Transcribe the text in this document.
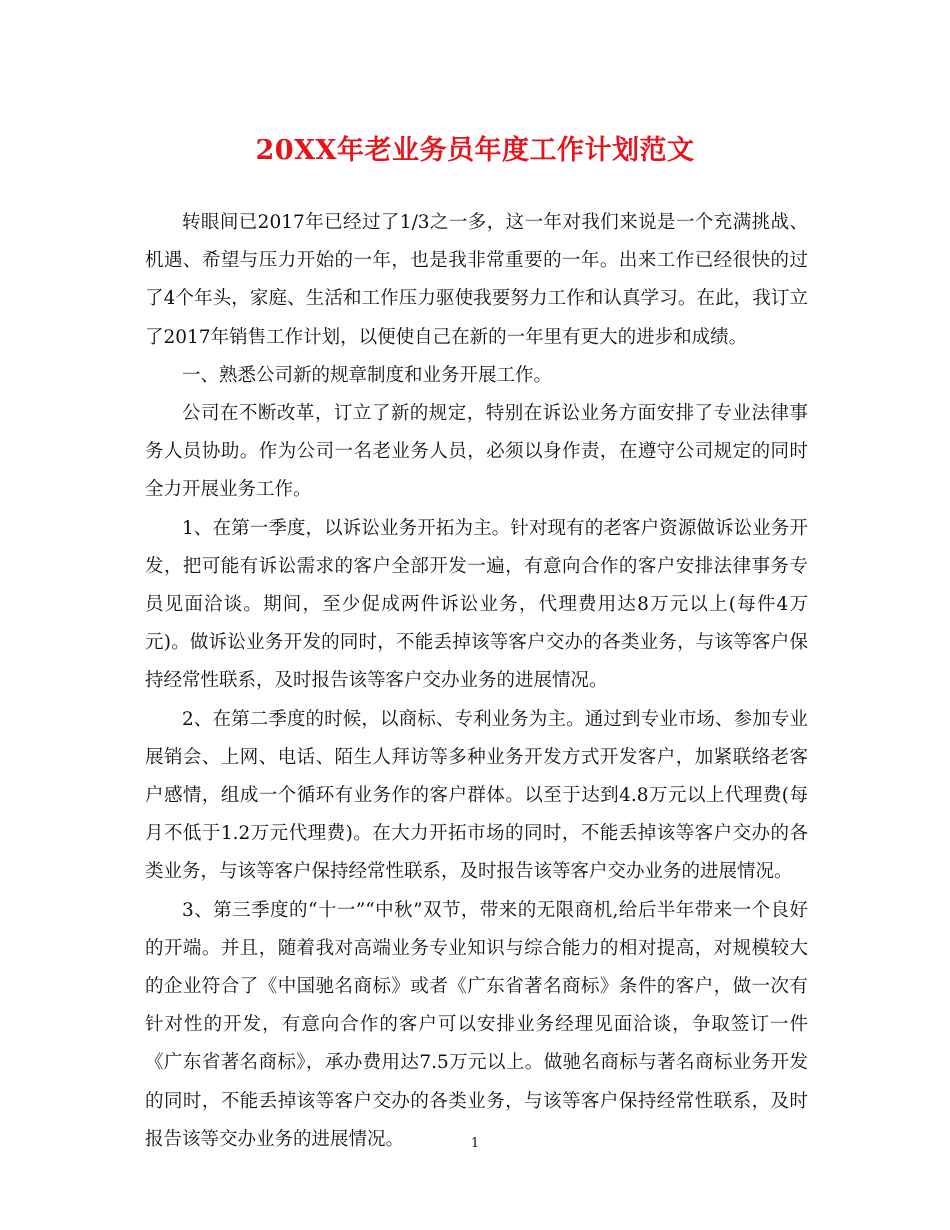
20XX年老业务员年度工作计划范文

转眼间已2017年已经过了1/3之一多，这一年对我们来说是一个充满挑战、机遇、希望与压力开始的一年，也是我非常重要的一年。出来工作已经很快的过了4个年头，家庭、生活和工作压力驱使我要努力工作和认真学习。在此，我订立了2017年销售工作计划，以便使自己在新的一年里有更大的进步和成绩。

一、熟悉公司新的规章制度和业务开展工作。

公司在不断改革，订立了新的规定，特别在诉讼业务方面安排了专业法律事务人员协助。作为公司一名老业务人员，必须以身作责，在遵守公司规定的同时全力开展业务工作。

1、在第一季度，以诉讼业务开拓为主。针对现有的老客户资源做诉讼业务开发，把可能有诉讼需求的客户全部开发一遍，有意向合作的客户安排法律事务专员见面洽谈。期间，至少促成两件诉讼业务，代理费用达8万元以上(每件4万元)。做诉讼业务开发的同时，不能丢掉该等客户交办的各类业务，与该等客户保持经常性联系，及时报告该等客户交办业务的进展情况。

2、在第二季度的时候，以商标、专利业务为主。通过到专业市场、参加专业展销会、上网、电话、陌生人拜访等多种业务开发方式开发客户，加紧联络老客户感情，组成一个循环有业务作的客户群体。以至于达到4.8万元以上代理费(每月不低于1.2万元代理费)。在大力开拓市场的同时，不能丢掉该等客户交办的各类业务，与该等客户保持经常性联系，及时报告该等客户交办业务的进展情况。

3、第三季度的“十一”“中秋”双节，带来的无限商机,给后半年带来一个良好的开端。并且，随着我对高端业务专业知识与综合能力的相对提高，对规模较大的企业符合了《中国驰名商标》或者《广东省著名商标》条件的客户，做一次有针对性的开发，有意向合作的客户可以安排业务经理见面洽谈，争取签订一件《广东省著名商标》，承办费用达7.5万元以上。做驰名商标与著名商标业务开发的同时，不能丢掉该等客户交办的各类业务，与该等客户保持经常性联系，及时报告该等交办业务的进展情况。	1
